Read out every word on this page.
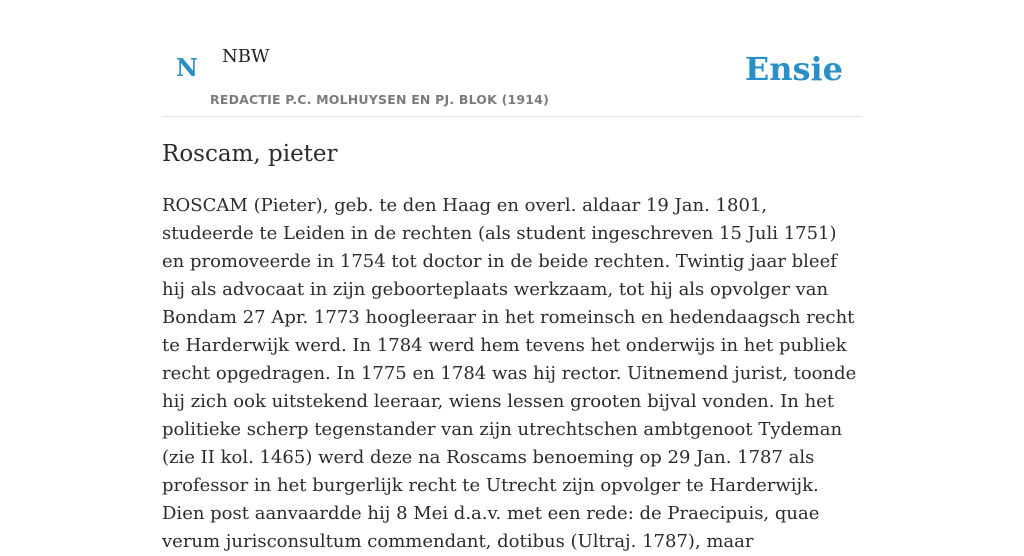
N NBW
REDACTIE P.C. MOLHUYSEN EN PJ. BLOK (1914)
Ensie
Roscam, pieter

ROSCAM (Pieter), geb. te den Haag en overl. aldaar 19 Jan. 1801, studeerde te Leiden in de rechten (als student ingeschreven 15 Juli 1751) en promoveerde in 1754 tot doctor in de beide rechten. Twintig jaar bleef hij als advocaat in zijn geboorteplaats werkzaam, tot hij als opvolger van Bondam 27 Apr. 1773 hoogleeraar in het romeinsch en hedendaagsch recht te Harderwijk werd. In 1784 werd hem tevens het onderwijs in het publiek recht opgedragen. In 1775 en 1784 was hij rector. Uitnemend jurist, toonde hij zich ook uitstekend leeraar, wiens lessen grooten bijval vonden. In het politieke scherp tegenstander van zijn utrechtschen ambtgenoot Tydeman (zie II kol. 1465) werd deze na Roscams benoeming op 29 Jan. 1787 als professor in het burgerlijk recht te Utrecht zijn opvolger te Harderwijk. Dien post aanvaardde hij 8 Mei d.a.v. met een rede: de Praecipuis, quae verum jurisconsultum commendant, dotibus (Ultraj. 1787), maar
